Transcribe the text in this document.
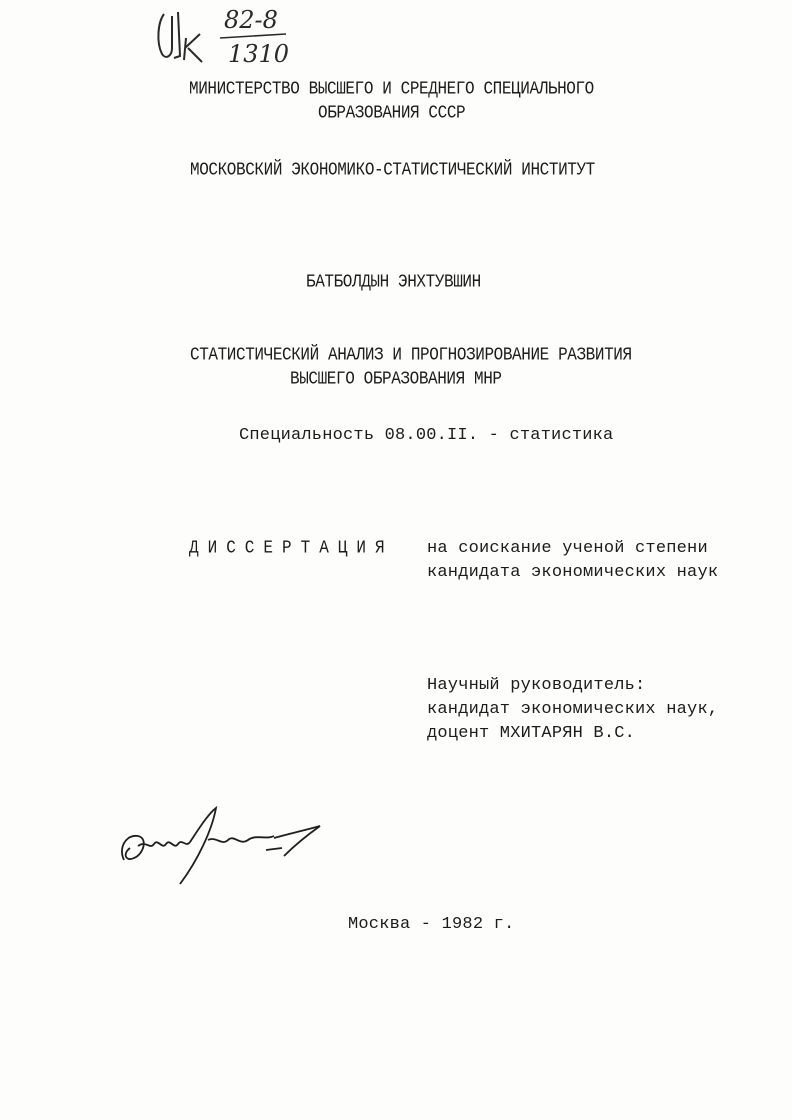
82-8
1310
МИНИСТЕРСТВО ВЫСШЕГО И СРЕДНЕГО СПЕЦИАЛЬНОГО
ОБРАЗОВАНИЯ СССР
МОСКОВСКИЙ ЭКОНОМИКО-СТАТИСТИЧЕСКИЙ ИНСТИТУТ
БАТБОЛДЫН ЭНХТУВШИН
СТАТИСТИЧЕСКИЙ АНАЛИЗ И ПРОГНОЗИРОВАНИЕ РАЗВИТИЯ
ВЫСШЕГО ОБРАЗОВАНИЯ МНР
Специальность 08.00.II. - статистика
ДИССЕРТАЦИЯ на соискание ученой степени
кандидата экономических наук
Научный руководитель:
кандидат экономических наук,
доцент МХИТАРЯН В.С.
Москва - 1982 г.
